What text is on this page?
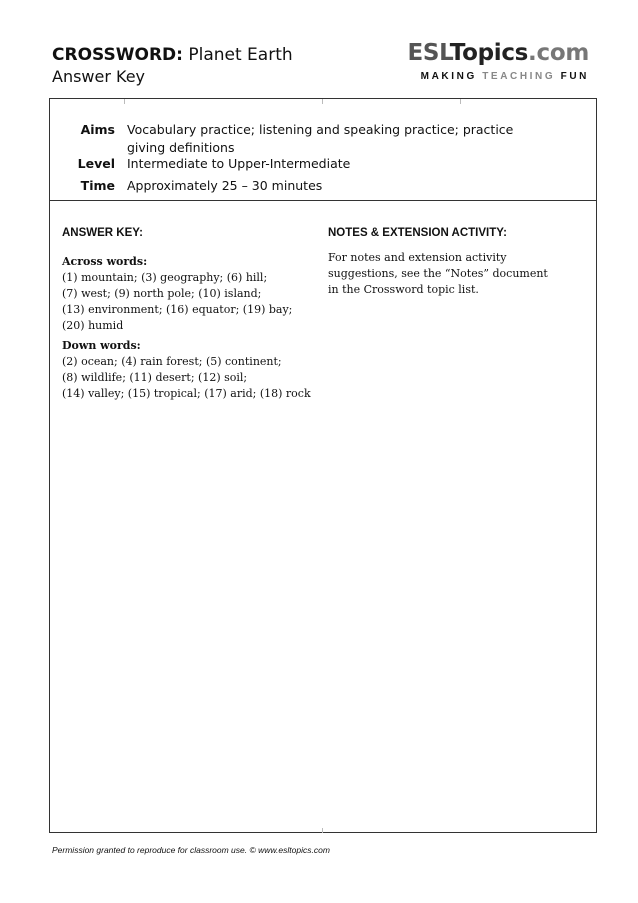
CROSSWORD: Planet Earth
Answer Key
ESLTopics.com
MAKING TEACHING FUN
Aims Vocabulary practice; listening and speaking practice; practice
giving definitions
Level Intermediate to Upper-Intermediate
Time Approximately 25 – 30 minutes
ANSWER KEY:
Across words:
(1) mountain; (3) geography; (6) hill;
(7) west; (9) north pole; (10) island;
(13) environment; (16) equator; (19) bay;
(20) humid
Down words:
(2) ocean; (4) rain forest; (5) continent;
(8) wildlife; (11) desert; (12) soil;
(14) valley; (15) tropical; (17) arid; (18) rock
NOTES & EXTENSION ACTIVITY:
For notes and extension activity
suggestions, see the “Notes” document
in the Crossword topic list.
Permission granted to reproduce for classroom use. © www.esltopics.com
